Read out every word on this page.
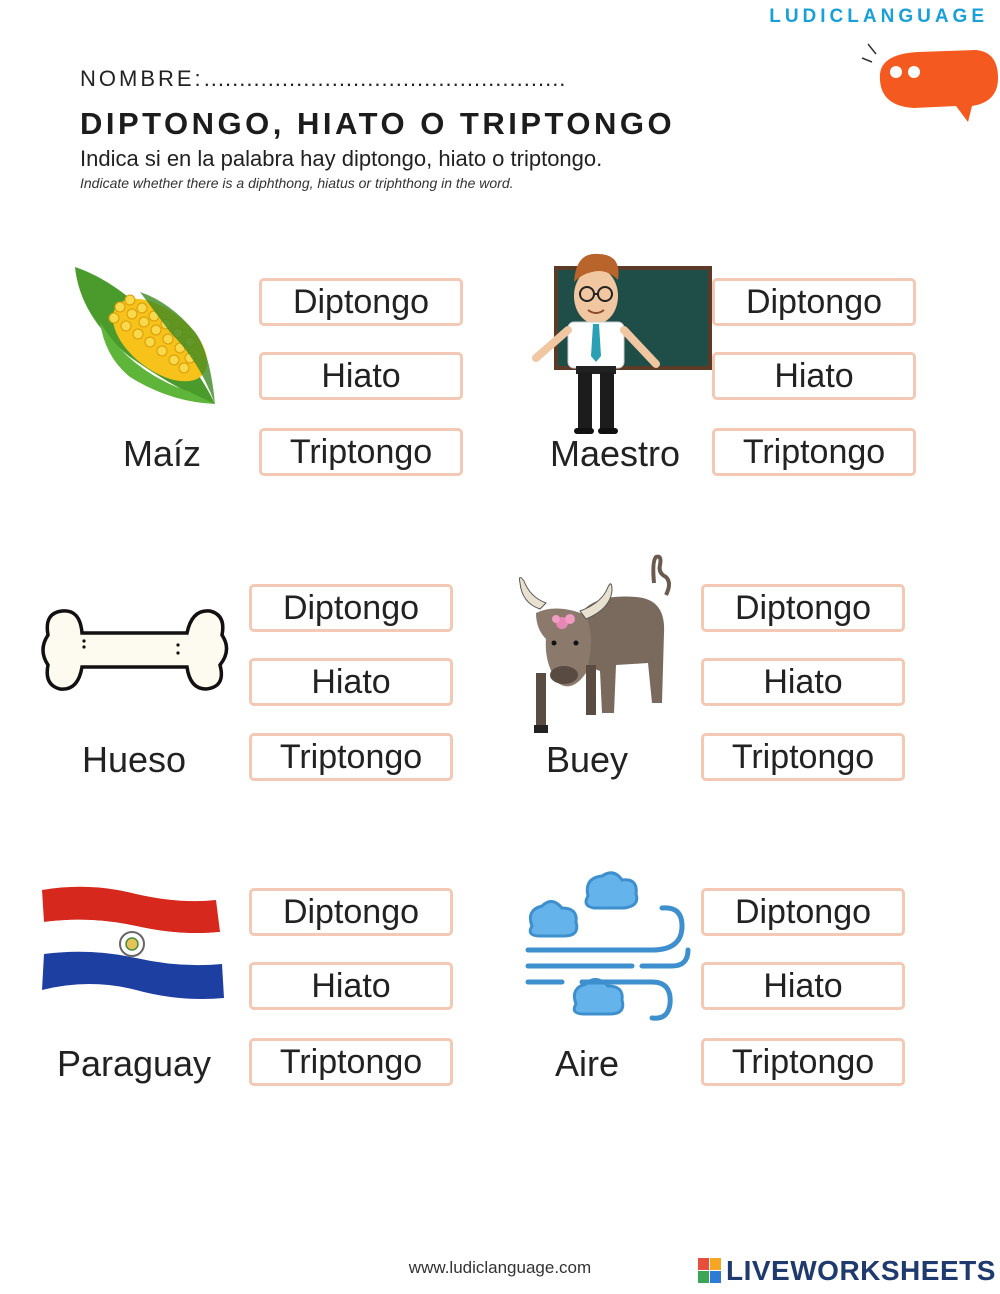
LUDICLANGUAGE
NOMBRE:...................................................
DIPTONGO, HIATO O TRIPTONGO
Indica si en la palabra hay diptongo, hiato o triptongo.
Indicate whether there is a diphthong, hiatus or triphthong in the word.
Maíz
Diptongo
Hiato
Triptongo	Maestro
Diptongo
Hiato
Triptongo
Hueso
Diptongo
Hiato
Triptongo	Buey
Diptongo
Hiato
Triptongo
Paraguay
Diptongo
Hiato
Triptongo	Aire
Diptongo
Hiato
Triptongo
www.ludiclanguage.com	LIVEWORKSHEETS
